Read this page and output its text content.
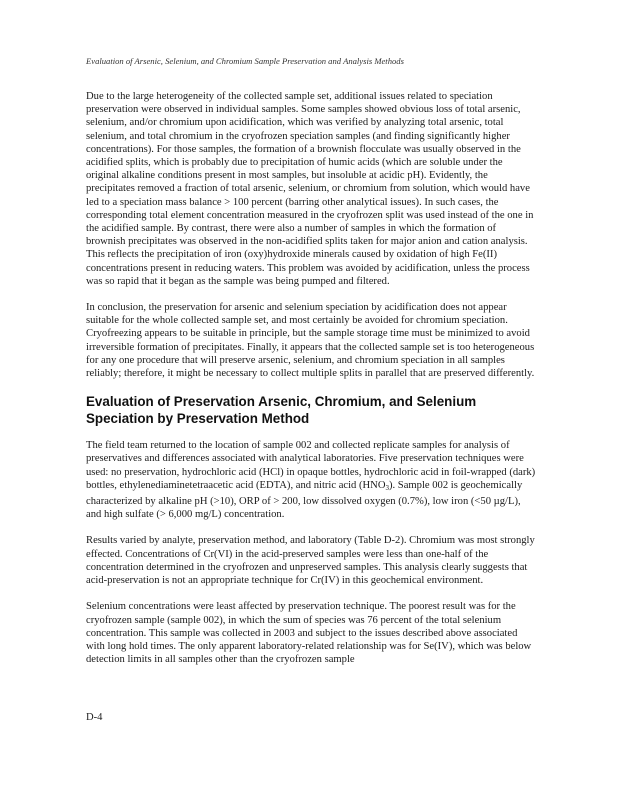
Evaluation of Arsenic, Selenium, and Chromium Sample Preservation and Analysis Methods

Due to the large heterogeneity of the collected sample set, additional issues related to speciation preservation were observed in individual samples. Some samples showed obvious loss of total arsenic, selenium, and/or chromium upon acidification, which was verified by analyzing total arsenic, total selenium, and total chromium in the cryofrozen speciation samples (and finding significantly higher concentrations). For those samples, the formation of a brownish flocculate was usually observed in the acidified splits, which is probably due to precipitation of humic acids (which are soluble under the original alkaline conditions present in most samples, but insoluble at acidic pH). Evidently, the precipitates removed a fraction of total arsenic, selenium, or chromium from solution, which would have led to a speciation mass balance > 100 percent (barring other analytical issues). In such cases, the corresponding total element concentration measured in the cryofrozen split was used instead of the one in the acidified sample. By contrast, there were also a number of samples in which the formation of brownish precipitates was observed in the non-acidified splits taken for major anion and cation analysis. This reflects the precipitation of iron (oxy)hydroxide minerals caused by oxidation of high Fe(II) concentrations present in reducing waters. This problem was avoided by acidification, unless the process was so rapid that it began as the sample was being pumped and filtered.

In conclusion, the preservation for arsenic and selenium speciation by acidification does not appear suitable for the whole collected sample set, and most certainly be avoided for chromium speciation. Cryofreezing appears to be suitable in principle, but the sample storage time must be minimized to avoid irreversible formation of precipitates. Finally, it appears that the collected sample set is too heterogeneous for any one procedure that will preserve arsenic, selenium, and chromium speciation in all samples reliably; therefore, it might be necessary to collect multiple splits in parallel that are preserved differently.

Evaluation of Preservation Arsenic, Chromium, and Selenium Speciation by Preservation Method

The field team returned to the location of sample 002 and collected replicate samples for analysis of preservatives and differences associated with analytical laboratories. Five preservation techniques were used: no preservation, hydrochloric acid (HCl) in opaque bottles, hydrochloric acid in foil-wrapped (dark) bottles, ethylenediaminetetraacetic acid (EDTA), and nitric acid $(HNO_3)$. Sample 002 is geochemically characterized by alkaline pH (>10), ORP of > 200, low dissolved oxygen (0.7%), low iron (<50 µg/L), and high sulfate (> 6,000 mg/L) concentration.

Results varied by analyte, preservation method, and laboratory (Table D-2). Chromium was most strongly effected. Concentrations of Cr(VI) in the acid-preserved samples were less than one-half of the concentration determined in the cryofrozen and unpreserved samples. This analysis clearly suggests that acid-preservation is not an appropriate technique for Cr(IV) in this geochemical environment.

Selenium concentrations were least affected by preservation technique. The poorest result was for the cryofrozen sample (sample 002), in which the sum of species was 76 percent of the total selenium concentration. This sample was collected in 2003 and subject to the issues described above associated with long hold times. The only apparent laboratory-related relationship was for Se(IV), which was below detection limits in all samples other than the cryofrozen sample

D-4
